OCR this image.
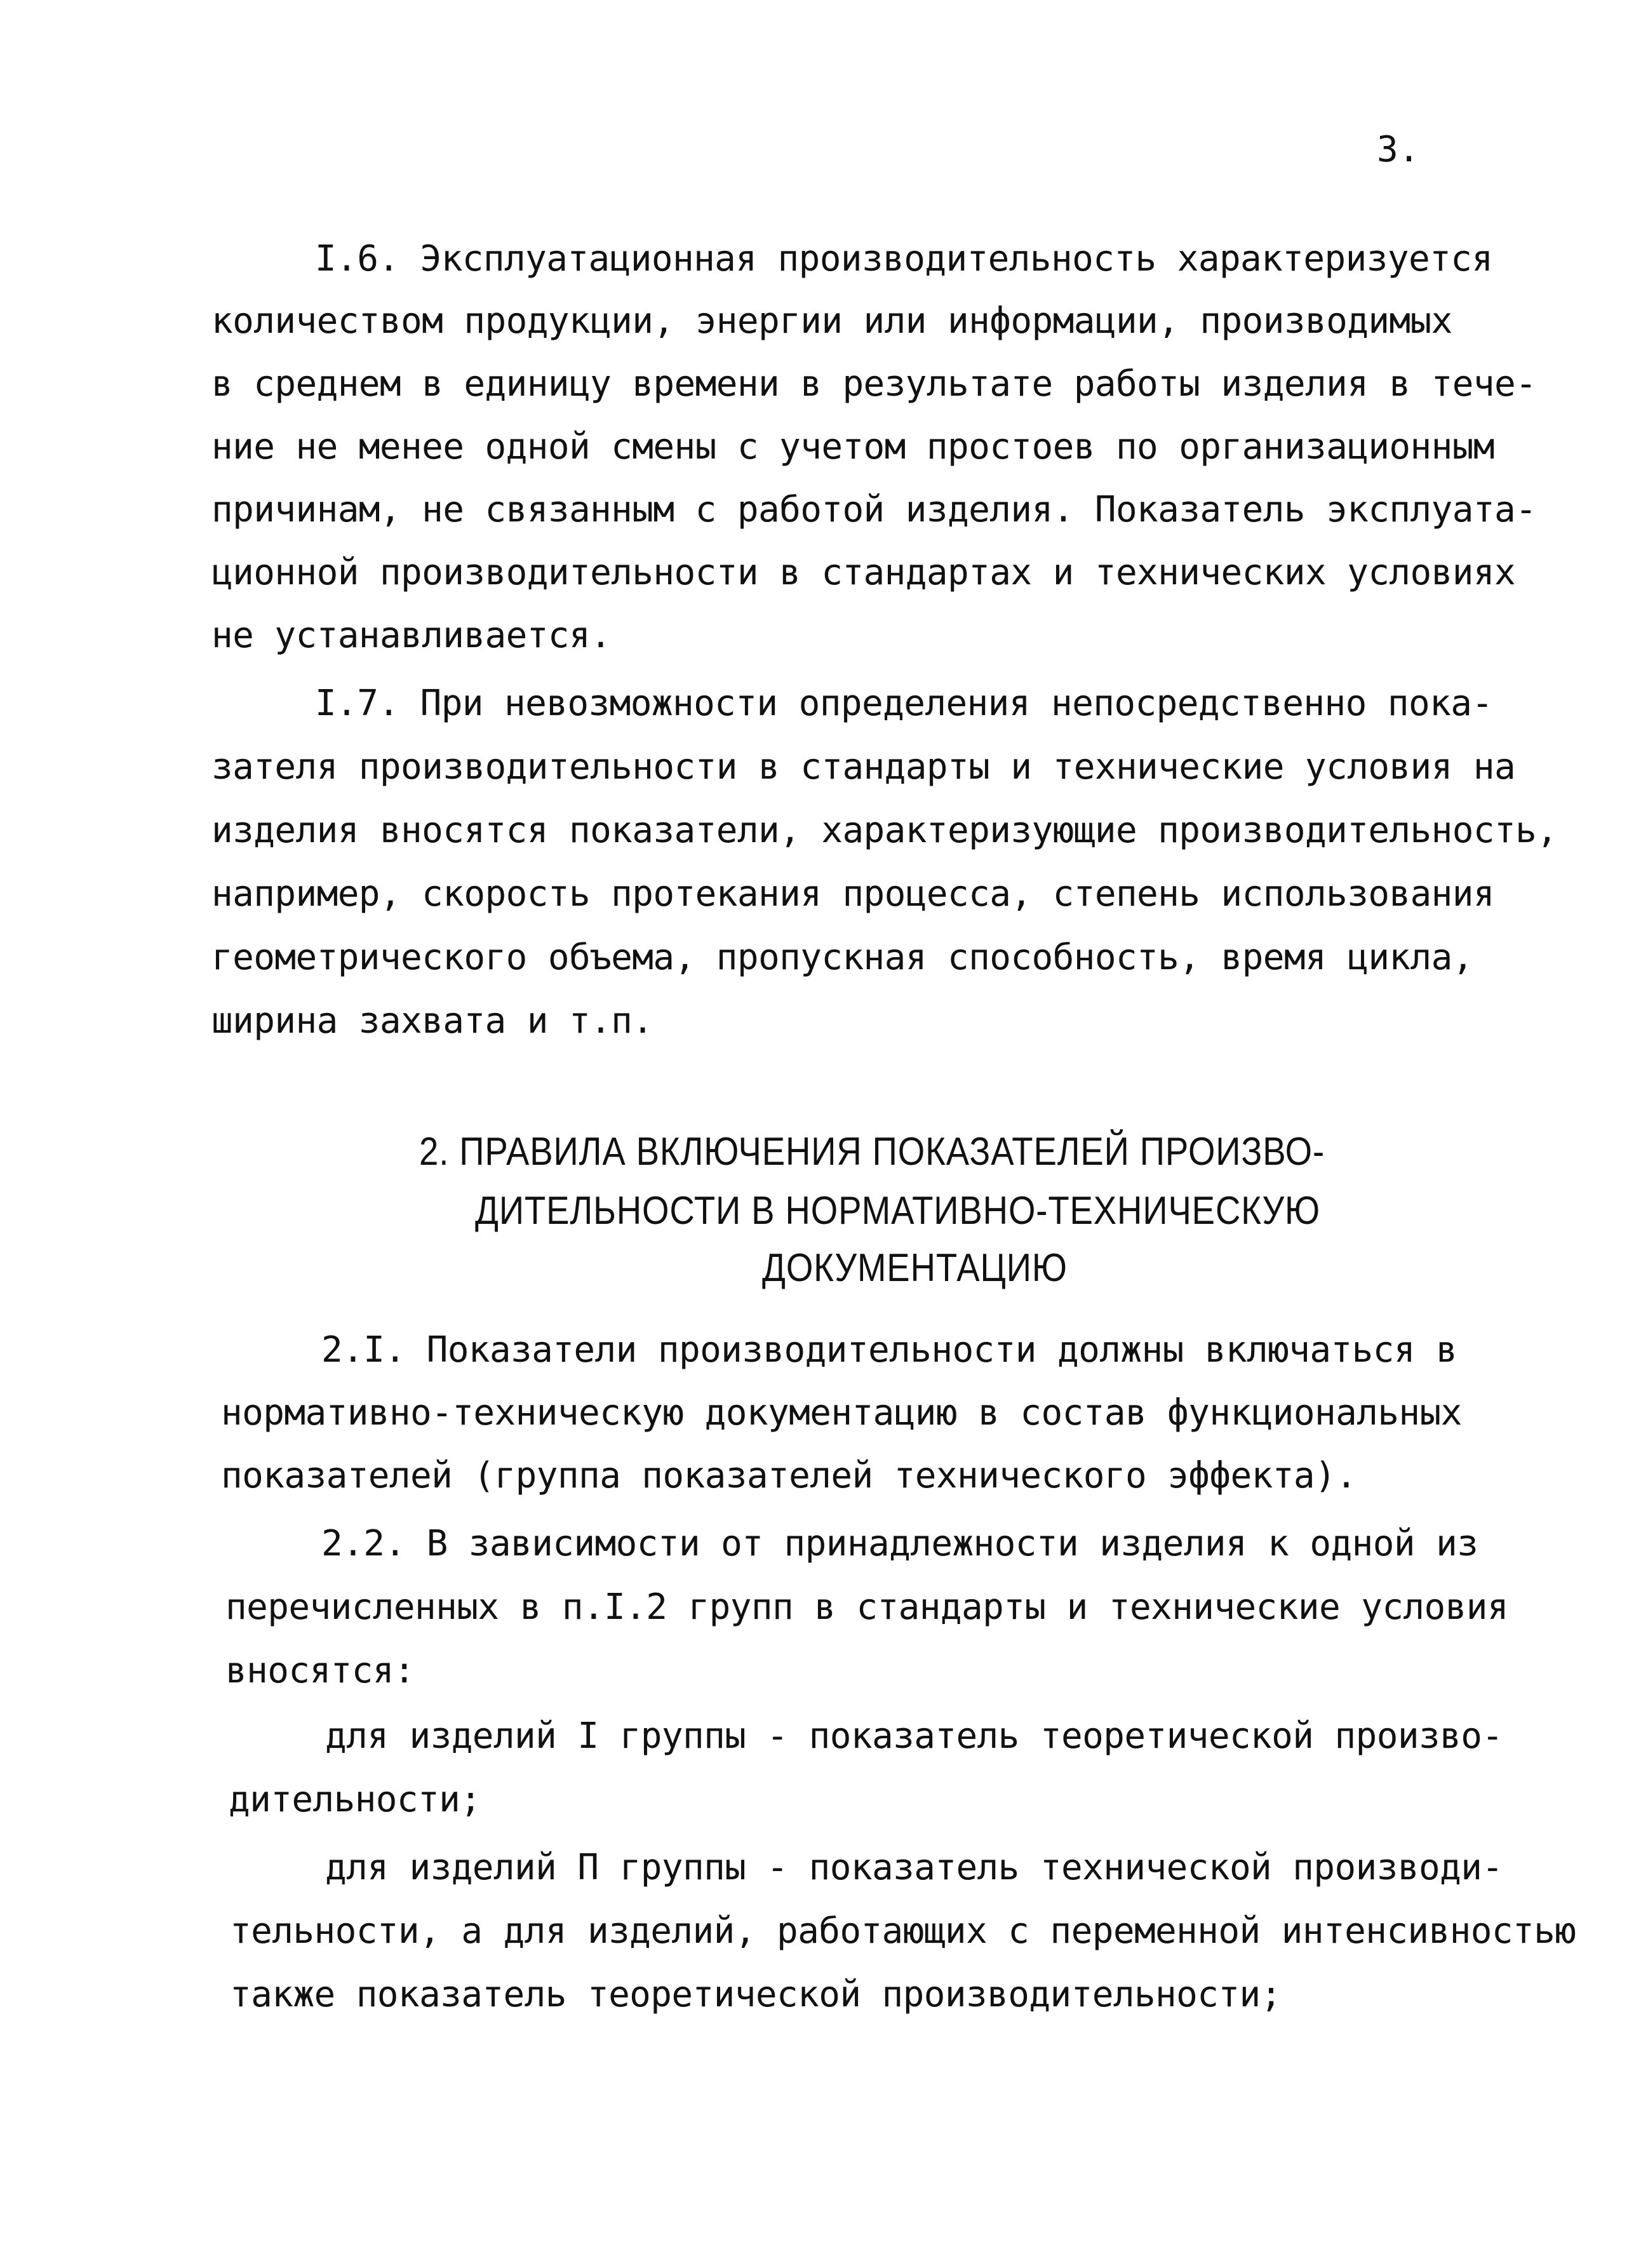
3.
I.6. Эксплуатационная производительность характеризуется
количеством продукции, энергии или информации, производимых
в среднем в единицу времени в результате работы изделия в тече-
ние не менее одной смены с учетом простоев по организационным
причинам, не связанным с работой изделия. Показатель эксплуата-
ционной производительности в стандартах и технических условиях
не устанавливается.
I.7. При невозможности определения непосредственно пока-
зателя производительности в стандарты и технические условия на
изделия вносятся показатели, характеризующие производительность,
например, скорость протекания процесса, степень использования
геометрического объема, пропускная способность, время цикла,
ширина захвата и т.п.
2. ПРАВИЛА ВКЛЮЧЕНИЯ ПОКАЗАТЕЛЕЙ ПРОИЗВО-
ДИТЕЛЬНОСТИ В НОРМАТИВНО-ТЕХНИЧЕСКУЮ
ДОКУМЕНТАЦИЮ
2.I. Показатели производительности должны включаться в
нормативно-техническую документацию в состав функциональных
показателей (группа показателей технического эффекта).
2.2. В зависимости от принадлежности изделия к одной из
перечисленных в п.I.2 групп в стандарты и технические условия
вносятся:
для изделий I группы - показатель теоретической произво-
дительности;
для изделий П группы - показатель технической производи-
тельности, а для изделий, работающих с переменной интенсивностью
также показатель теоретической производительности;
